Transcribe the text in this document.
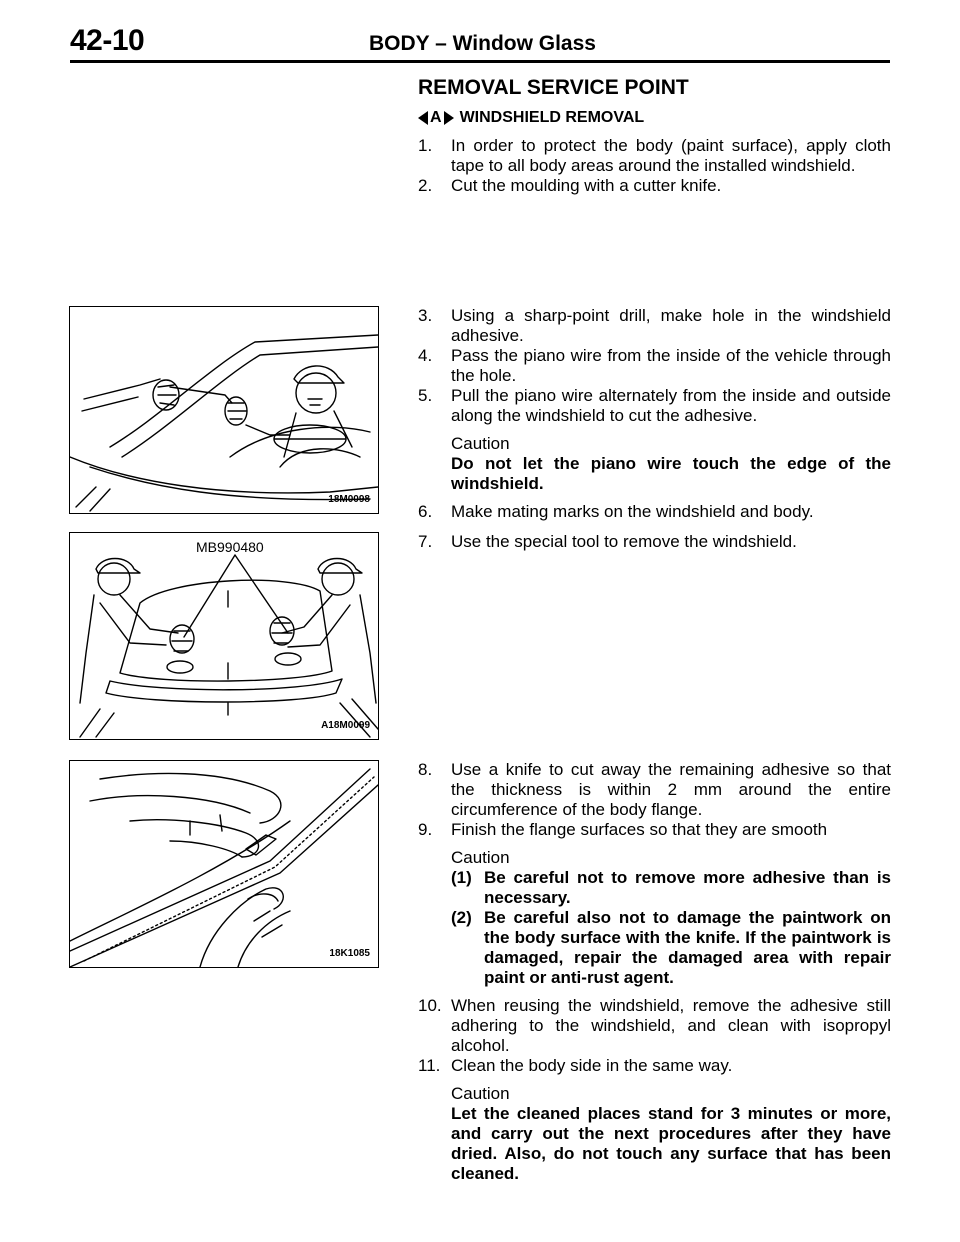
42-10	BODY – Window Glass
REMOVAL SERVICE POINT
A WINDSHIELD REMOVAL
1. In order to protect the body (paint surface), apply cloth tape to all body areas around the installed windshield.
2. Cut the moulding with a cutter knife.
3. Using a sharp-point drill, make hole in the windshield adhesive.
4. Pass the piano wire from the inside of the vehicle through the hole.
5. Pull the piano wire alternately from the inside and outside along the windshield to cut the adhesive.
Caution
Do not let the piano wire touch the edge of the windshield.
6. Make mating marks on the windshield and body.
7. Use the special tool to remove the windshield.
8. Use a knife to cut away the remaining adhesive so that the thickness is within 2 mm around the entire circumference of the body flange.
9. Finish the flange surfaces so that they are smooth
Caution
(1) Be careful not to remove more adhesive than is necessary.
(2) Be careful also not to damage the paintwork on the body surface with the knife. If the paintwork is damaged, repair the damaged area with repair paint or anti-rust agent.
10. When reusing the windshield, remove the adhesive still adhering to the windshield, and clean with isopropyl alcohol.
11. Clean the body side in the same way.
Caution
Let the cleaned places stand for 3 minutes or more, and carry out the next procedures after they have dried. Also, do not touch any surface that has been cleaned.
18M0098
MB990480
A18M0099
18K1085
